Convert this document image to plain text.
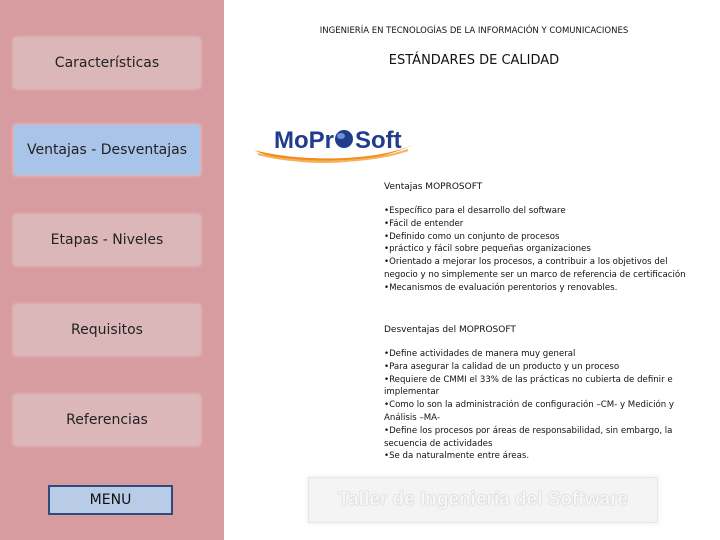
Características
Ventajas - Desventajas
Etapas - Niveles
Requisitos
Referencias
MENU
INGENIERÍA EN TECNOLOGÍAS DE LA INFORMACIÓN Y COMUNICACIONES
ESTÁNDARES DE CALIDAD
MoPr Soft
Ventajas MOPROSOFT
•Específico para el desarrollo del software
•Fácil de entender
•Definido como un conjunto de procesos
•práctico y fácil sobre pequeñas organizaciones
•Orientado a mejorar los procesos, a contribuir a los objetivos del negocio y no simplemente ser un marco de referencia de certificación
•Mecanismos de evaluación perentorios y renovables.
Desventajas del MOPROSOFT
•Define actividades de manera muy general
•Para asegurar la calidad de un producto y un proceso
•Requiere de CMMI el 33% de las prácticas no cubierta de definir e implementar
•Como lo son la administración de configuración –CM- y Medición y Análisis –MA-
•Define los procesos por áreas de responsabilidad, sin embargo, la secuencia de actividades
•Se da naturalmente entre áreas.
Taller de Ingeniería del Software
